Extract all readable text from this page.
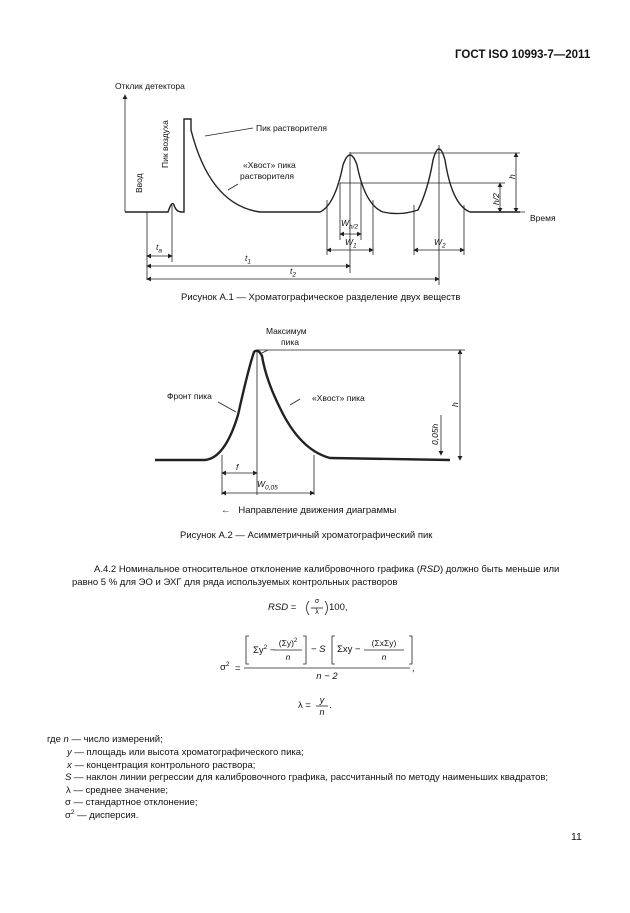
ГОСТ ISO 10993-7—2011
Отклик детектора
Время
Ввод
Пик воздуха	Пик растворителя
«Хвост» пика
растворителя	h
h/2
$W_{h/2}$
$W_1$	$W_2$
$t_a$
$t_1$
$t_2$
Рисунок А.1 — Хроматографическое разделение двух веществ
Максимум
пика
Фронт пика	«Хвост» пика
h
0,05h
f
$W_{0,05}$
← Направление движения диаграммы
Рисунок А.2 — Асимметричный хроматографический пик
А.4.2 Номинальное относительное отклонение калибровочного графика (RSD) должно быть меньше или
равно 5 % для ЭО и ЭХГ для ряда используемых контрольных растворов
RSD =
σ
λ	100,
$\sigma^2$ =
$\Sigma y^2$ −
$(\Sigma y)^2$
n
− S Σxy −
(ΣxΣy)
n
n − 2
,
λ = y
n
.
где n — число измерений;
y — площадь или высота хроматографического пика;
x — концентрация контрольного раствора;
S — наклон линии регрессии для калибровочного графика, рассчитанный по методу наименьших квадратов;
λ — среднее значение;
σ — стандартное отклонение;
$\sigma^2$ — дисперсия.
11
